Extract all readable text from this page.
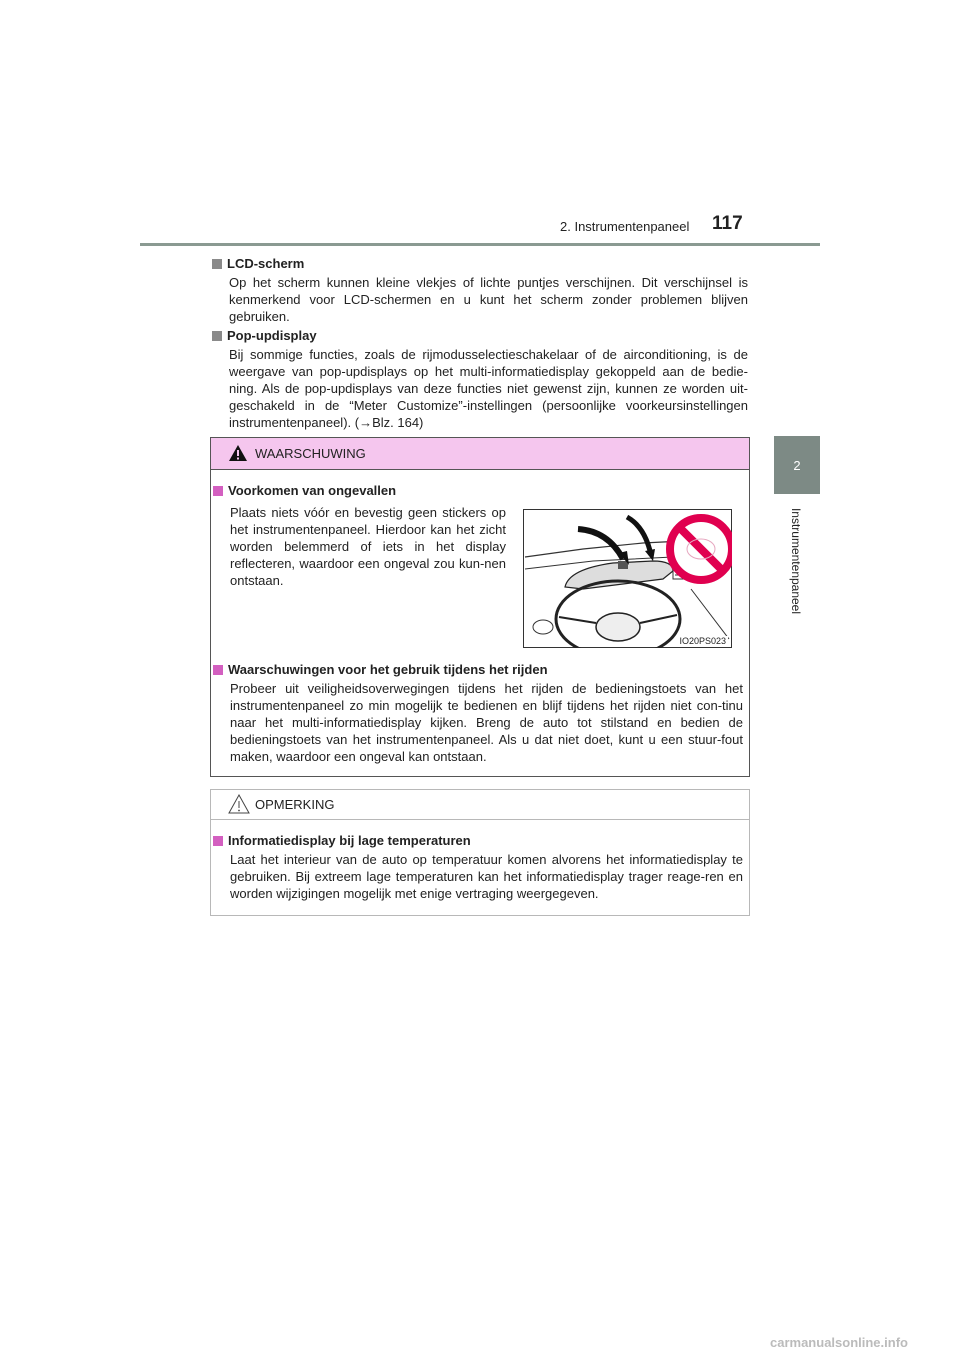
2. Instrumentenpaneel	117
2
Instrumentenpaneel
LCD-scherm
Op het scherm kunnen kleine vlekjes of lichte puntjes verschijnen. Dit verschijnsel is kenmerkend voor LCD-schermen en u kunt het scherm zonder problemen blijven gebruiken.
Pop-updisplay
Bij sommige functies, zoals de rijmodusselectieschakelaar of de airconditioning, is de weergave van pop-updisplays op het multi-informatiedisplay gekoppeld aan de bedie-ning. Als de pop-updisplays van deze functies niet gewenst zijn, kunnen ze worden uit-geschakeld in de “Meter Customize”-instellingen (persoonlijke voorkeursinstellingen instrumentenpaneel). (→Blz. 164)
WAARSCHUWING
Voorkomen van ongevallen
Plaats niets vóór en bevestig geen stickers op het instrumentenpaneel. Hierdoor kan het zicht worden belemmerd of iets in het display reflecteren, waardoor een ongeval zou kun-nen ontstaan.
Waarschuwingen voor het gebruik tijdens het rijden
Probeer uit veiligheidsoverwegingen tijdens het rijden de bedieningstoets van het instrumentenpaneel zo min mogelijk te bedienen en blijf tijdens het rijden niet con-tinu naar het multi-informatiedisplay kijken. Breng de auto tot stilstand en bedien de bedieningstoets van het instrumentenpaneel. Als u dat niet doet, kunt u een stuur-fout maken, waardoor een ongeval kan ontstaan.
IO20PS023
OPMERKING
Informatiedisplay bij lage temperaturen
Laat het interieur van de auto op temperatuur komen alvorens het informatiedisplay te gebruiken. Bij extreem lage temperaturen kan het informatiedisplay trager reage-ren en worden wijzigingen mogelijk met enige vertraging weergegeven.
carmanualsonline.info
